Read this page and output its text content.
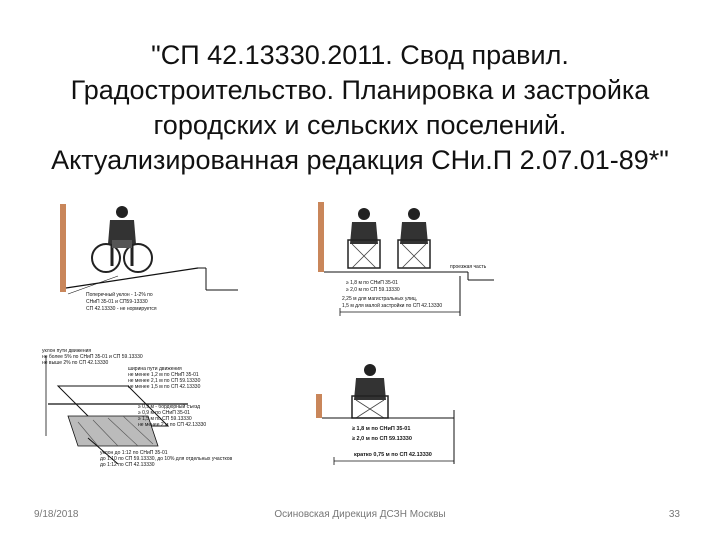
"СП 42.13330.2011. Свод правил.
Градостроительство. Планировка и застройка
городских и сельских поселений.
Актуализированная редакция СНи.П 2.07.01-89*"
Поперечный уклон - 1-2% по
СНиП 35-01 и СП59-13330
СП 42.13330 - не нормируется
проезжая часть
≥ 1,8 м по СНиП 35-01
≥ 2,0 м по СП 59.13330
2,25 м для магистральных улиц,
1,5 м для малой застройки по СП 42.13330
уклон пути движения
не более 5% по СНиП 35-01 и СП 59.13330
не выше 2% по СП 42.13330
ширина пути движения
не менее 1,2 м по СНиП 35-01
не менее 2,1 м по СП 59.13330
не менее 1,5 м по СП 42.13330
≥ 0,9 м - бордюрный съезд
≥ 0,9 м по СНиП 35-01
≥ 1,5 м по СП 59.13330
не менее 2 м по СП 42.13330
уклон до 1:12 по СНиП 35-01
до 1:10 по СП 59.13330, до 10% для отдельных участков
до 1:12 по СП 42.13330
≥ 1,8 м по СНиП 35-01
≥ 2,0 м по СП 59.13330
кратко 0,75 м по СП 42.13330
9/18/2018	Осиновская Дирекция ДСЗН Москвы	33
